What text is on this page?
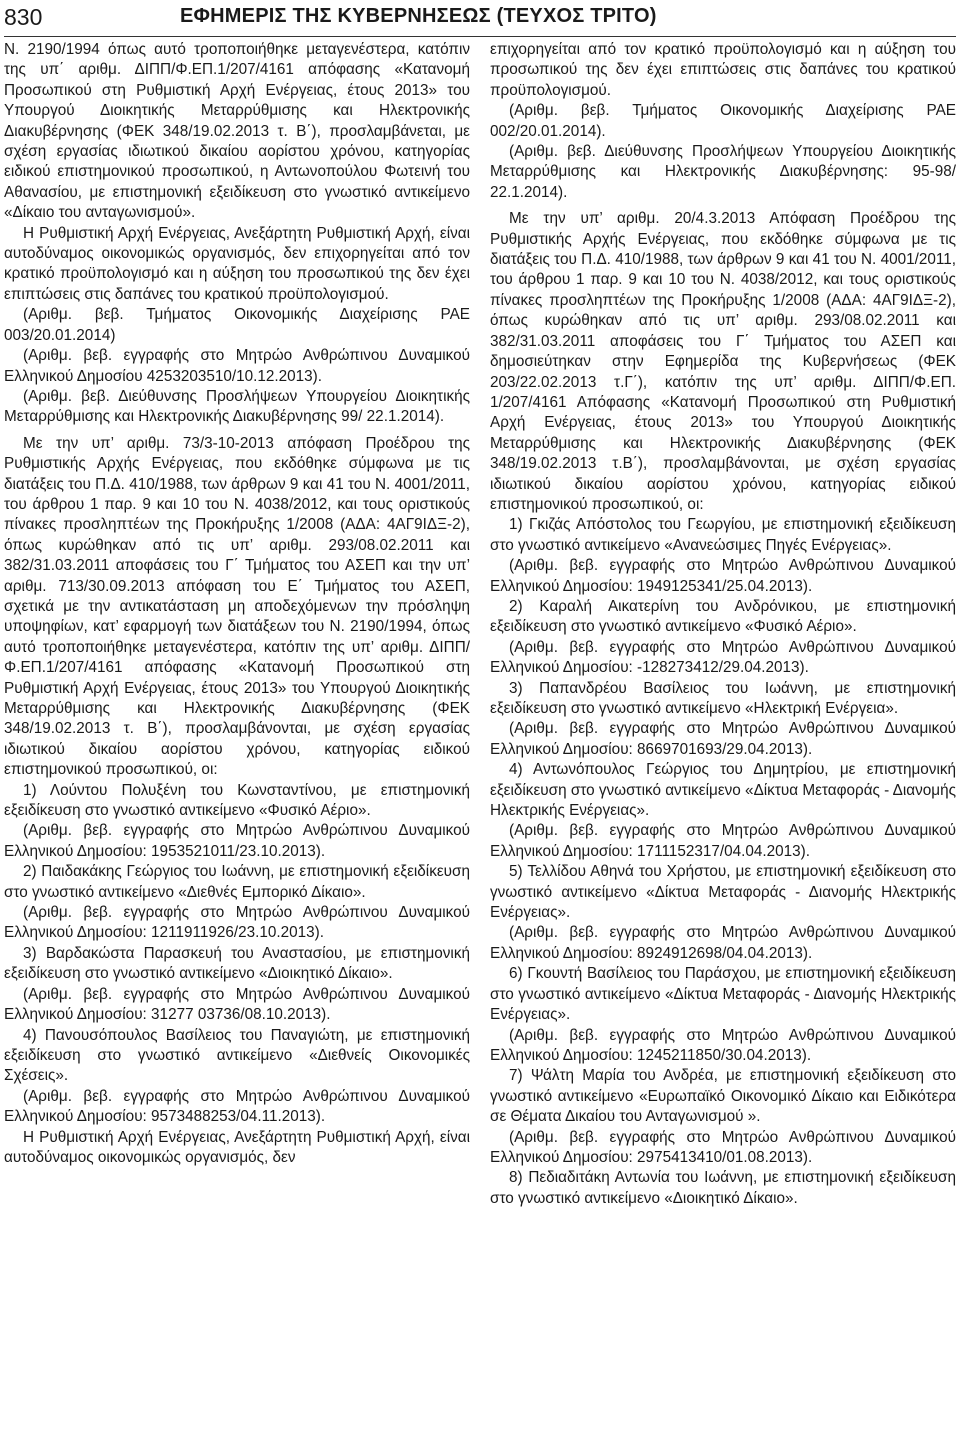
830	ΕΦΗΜΕΡΙΣ ΤΗΣ ΚΥΒΕΡΝΗΣΕΩΣ (ΤΕΥΧΟΣ ΤΡΙΤΟ)

Ν. 2190/1994 όπως αυτό τροποποιήθηκε μεταγενέστερα, κατόπιν της υπ΄ αριθμ. ΔΙΠΠ/Φ.ΕΠ.1/207/4161 απόφασης «Κατανομή Προσωπικού στη Ρυθμιστική Αρχή Ενέργειας, έτους 2013» του Υπουργού Διοικητικής Μεταρρύθμισης και Ηλεκτρονικής Διακυβέρνησης (ΦΕΚ 348/19.02.2013 τ. Β΄), προσλαμβάνεται, με σχέση εργασίας ιδιωτικού δικαίου αορίστου χρόνου, κατηγορίας ειδικού επιστημονικού προσωπικού, η Αντωνοπούλου Φωτεινή του Αθανασίου, με επιστημονική εξειδίκευση στο γνωστικό αντικείμενο «Δίκαιο του ανταγωνισμού».

Η Ρυθμιστική Αρχή Ενέργειας, Ανεξάρτητη Ρυθμιστική Αρχή, είναι αυτοδύναμος οικονομικώς οργανισμός, δεν επιχορηγείται από τον κρατικό προϋπολογισμό και η αύξηση του προσωπικού της δεν έχει επιπτώσεις στις δαπάνες του κρατικού προϋπολογισμού.

(Αριθμ. βεβ. Τμήματος Οικονομικής Διαχείρισης ΡΑΕ 003/20.01.2014)

(Αριθμ. βεβ. εγγραφής στο Μητρώο Ανθρώπινου Δυναμικού Ελληνικού Δημοσίου 4253203510/10.12.2013).

(Αριθμ. βεβ. Διεύθυνσης Προσλήψεων Υπουργείου Διοικητικής Μεταρρύθμισης και Ηλεκτρονικής Διακυβέρνησης 99/ 22.1.2014).

Με την υπ’ αριθμ. 73/3-10-2013 απόφαση Προέδρου της Ρυθμιστικής Αρχής Ενέργειας, που εκδόθηκε σύμφωνα με τις διατάξεις του Π.Δ. 410/1988, των άρθρων 9 και 41 του Ν. 4001/2011, του άρθρου 1 παρ. 9 και 10 του Ν. 4038/2012, και τους οριστικούς πίνακες προσληπτέων της Προκήρυξης 1/2008 (ΑΔΑ: 4ΑΓ9ΙΔΞ-2), όπως κυρώθηκαν από τις υπ’ αριθμ. 293/08.02.2011 και 382/31.03.2011 αποφάσεις του Γ΄ Τμήματος του ΑΣΕΠ και την υπ’ αριθμ. 713/30.09.2013 απόφαση του Ε΄ Τμήματος του ΑΣΕΠ, σχετικά με την αντικατάσταση μη αποδεχόμενων την πρόσληψη υποψηφίων, κατ’ εφαρμογή των διατάξεων του Ν. 2190/1994, όπως αυτό τροποποιήθηκε μεταγενέστερα, κατόπιν της υπ’ αριθμ. ΔΙΠΠ/Φ.ΕΠ.1/207/4161 απόφασης «Κατανομή Προσωπικού στη Ρυθμιστική Αρχή Ενέργειας, έτους 2013» του Υπουργού Διοικητικής Μεταρρύθμισης και Ηλεκτρονικής Διακυβέρνησης (ΦΕΚ 348/19.02.2013 τ. Β΄), προσλαμβάνονται, με σχέση εργασίας ιδιωτικού δικαίου αορίστου χρόνου, κατηγορίας ειδικού επιστημονικού προσωπικού, οι:

1) Λούντου Πολυξένη του Κωνσταντίνου, με επιστημονική εξειδίκευση στο γνωστικό αντικείμενο «Φυσικό Αέριο».

(Αριθμ. βεβ. εγγραφής στο Μητρώο Ανθρώπινου Δυναμικού Ελληνικού Δημοσίου: 1953521011/23.10.2013).

2) Παιδακάκης Γεώργιος του Ιωάννη, με επιστημονική εξειδίκευση στο γνωστικό αντικείμενο «Διεθνές Εμπορικό Δίκαιο».

(Αριθμ. βεβ. εγγραφής στο Μητρώο Ανθρώπινου Δυναμικού Ελληνικού Δημοσίου: 1211911926/23.10.2013).

3) Βαρδακώστα Παρασκευή του Αναστασίου, με επιστημονική εξειδίκευση στο γνωστικό αντικείμενο «Διοικητικό Δίκαιο».

(Αριθμ. βεβ. εγγραφής στο Μητρώο Ανθρώπινου Δυναμικού Ελληνικού Δημοσίου: 31277 03736/08.10.2013).

4) Πανουσόπουλος Βασίλειος του Παναγιώτη, με επιστημονική εξειδίκευση στο γνωστικό αντικείμενο «Διεθνείς Οικονομικές Σχέσεις».

(Αριθμ. βεβ. εγγραφής στο Μητρώο Ανθρώπινου Δυναμικού Ελληνικού Δημοσίου: 9573488253/04.11.2013).

Η Ρυθμιστική Αρχή Ενέργειας, Ανεξάρτητη Ρυθμιστική Αρχή, είναι αυτοδύναμος οικονομικώς οργανισμός, δεν

επιχορηγείται από τον κρατικό προϋπολογισμό και η αύξηση του προσωπικού της δεν έχει επιπτώσεις στις δαπάνες του κρατικού προϋπολογισμού.

(Αριθμ. βεβ. Τμήματος Οικονομικής Διαχείρισης ΡΑΕ 002/20.01.2014).

(Αριθμ. βεβ. Διεύθυνσης Προσλήψεων Υπουργείου Διοικητικής Μεταρρύθμισης και Ηλεκτρονικής Διακυβέρνησης: 95-98/ 22.1.2014).

Με την υπ’ αριθμ. 20/4.3.2013 Απόφαση Προέδρου της Ρυθμιστικής Αρχής Ενέργειας, που εκδόθηκε σύμφωνα με τις διατάξεις του Π.Δ. 410/1988, των άρθρων 9 και 41 του Ν. 4001/2011, του άρθρου 1 παρ. 9 και 10 του Ν. 4038/2012, και τους οριστικούς πίνακες προσληπτέων της Προκήρυξης 1/2008 (ΑΔΑ: 4ΑΓ9ΙΔΞ-2), όπως κυρώθηκαν από τις υπ’ αριθμ. 293/08.02.2011 και 382/31.03.2011 αποφάσεις του Γ΄ Τμήματος του ΑΣΕΠ και δημοσιεύτηκαν στην Εφημερίδα της Κυβερνήσεως (ΦΕΚ 203/22.02.2013 τ.Γ΄), κατόπιν της υπ’ αριθμ. ΔΙΠΠ/Φ.ΕΠ. 1/207/4161 Απόφασης «Κατανομή Προσωπικού στη Ρυθμιστική Αρχή Ενέργειας, έτους 2013» του Υπουργού Διοικητικής Μεταρρύθμισης και Ηλεκτρονικής Διακυβέρνησης (ΦΕΚ 348/19.02.2013 τ.Β΄), προσλαμβάνονται, με σχέση εργασίας ιδιωτικού δικαίου αορίστου χρόνου, κατηγορίας ειδικού επιστημονικού προσωπικού, οι:

1) Γκιζάς Απόστολος του Γεωργίου, με επιστημονική εξειδίκευση στο γνωστικό αντικείμενο «Ανανεώσιμες Πηγές Ενέργειας».

(Αριθμ. βεβ. εγγραφής στο Μητρώο Ανθρώπινου Δυναμικού Ελληνικού Δημοσίου: 1949125341/25.04.2013).

2) Καραλή Αικατερίνη του Ανδρόνικου, με επιστημονική εξειδίκευση στο γνωστικό αντικείμενο «Φυσικό Αέριο».

(Αριθμ. βεβ. εγγραφής στο Μητρώο Ανθρώπινου Δυναμικού Ελληνικού Δημοσίου: -128273412/29.04.2013).

3) Παπανδρέου Βασίλειος του Ιωάννη, με επιστημονική εξειδίκευση στο γνωστικό αντικείμενο «Ηλεκτρική Ενέργεια».

(Αριθμ. βεβ. εγγραφής στο Μητρώο Ανθρώπινου Δυναμικού Ελληνικού Δημοσίου: 8669701693/29.04.2013).

4) Αντωνόπουλος Γεώργιος του Δημητρίου, με επιστημονική εξειδίκευση στο γνωστικό αντικείμενο «Δίκτυα Μεταφοράς - Διανομής Ηλεκτρικής Ενέργειας».

(Αριθμ. βεβ. εγγραφής στο Μητρώο Ανθρώπινου Δυναμικού Ελληνικού Δημοσίου: 1711152317/04.04.2013).

5) Τελλίδου Αθηνά του Χρήστου, με επιστημονική εξειδίκευση στο γνωστικό αντικείμενο «Δίκτυα Μεταφοράς - Διανομής Ηλεκτρικής Ενέργειας».

(Αριθμ. βεβ. εγγραφής στο Μητρώο Ανθρώπινου Δυναμικού Ελληνικού Δημοσίου: 8924912698/04.04.2013).

6) Γκουντή Βασίλειος του Παράσχου, με επιστημονική εξειδίκευση στο γνωστικό αντικείμενο «Δίκτυα Μεταφοράς - Διανομής Ηλεκτρικής Ενέργειας».

(Αριθμ. βεβ. εγγραφής στο Μητρώο Ανθρώπινου Δυναμικού Ελληνικού Δημοσίου: 1245211850/30.04.2013).

7) Ψάλτη Μαρία του Ανδρέα, με επιστημονική εξειδίκευση στο γνωστικό αντικείμενο «Ευρωπαϊκό Οικονομικό Δίκαιο και Ειδικότερα σε Θέματα Δικαίου του Ανταγωνισμού ».

(Αριθμ. βεβ. εγγραφής στο Μητρώο Ανθρώπινου Δυναμικού Ελληνικού Δημοσίου: 2975413410/01.08.2013).

8) Πεδιαδιτάκη Αντωνία του Ιωάννη, με επιστημονική εξειδίκευση στο γνωστικό αντικείμενο «Διοικητικό Δίκαιο».
